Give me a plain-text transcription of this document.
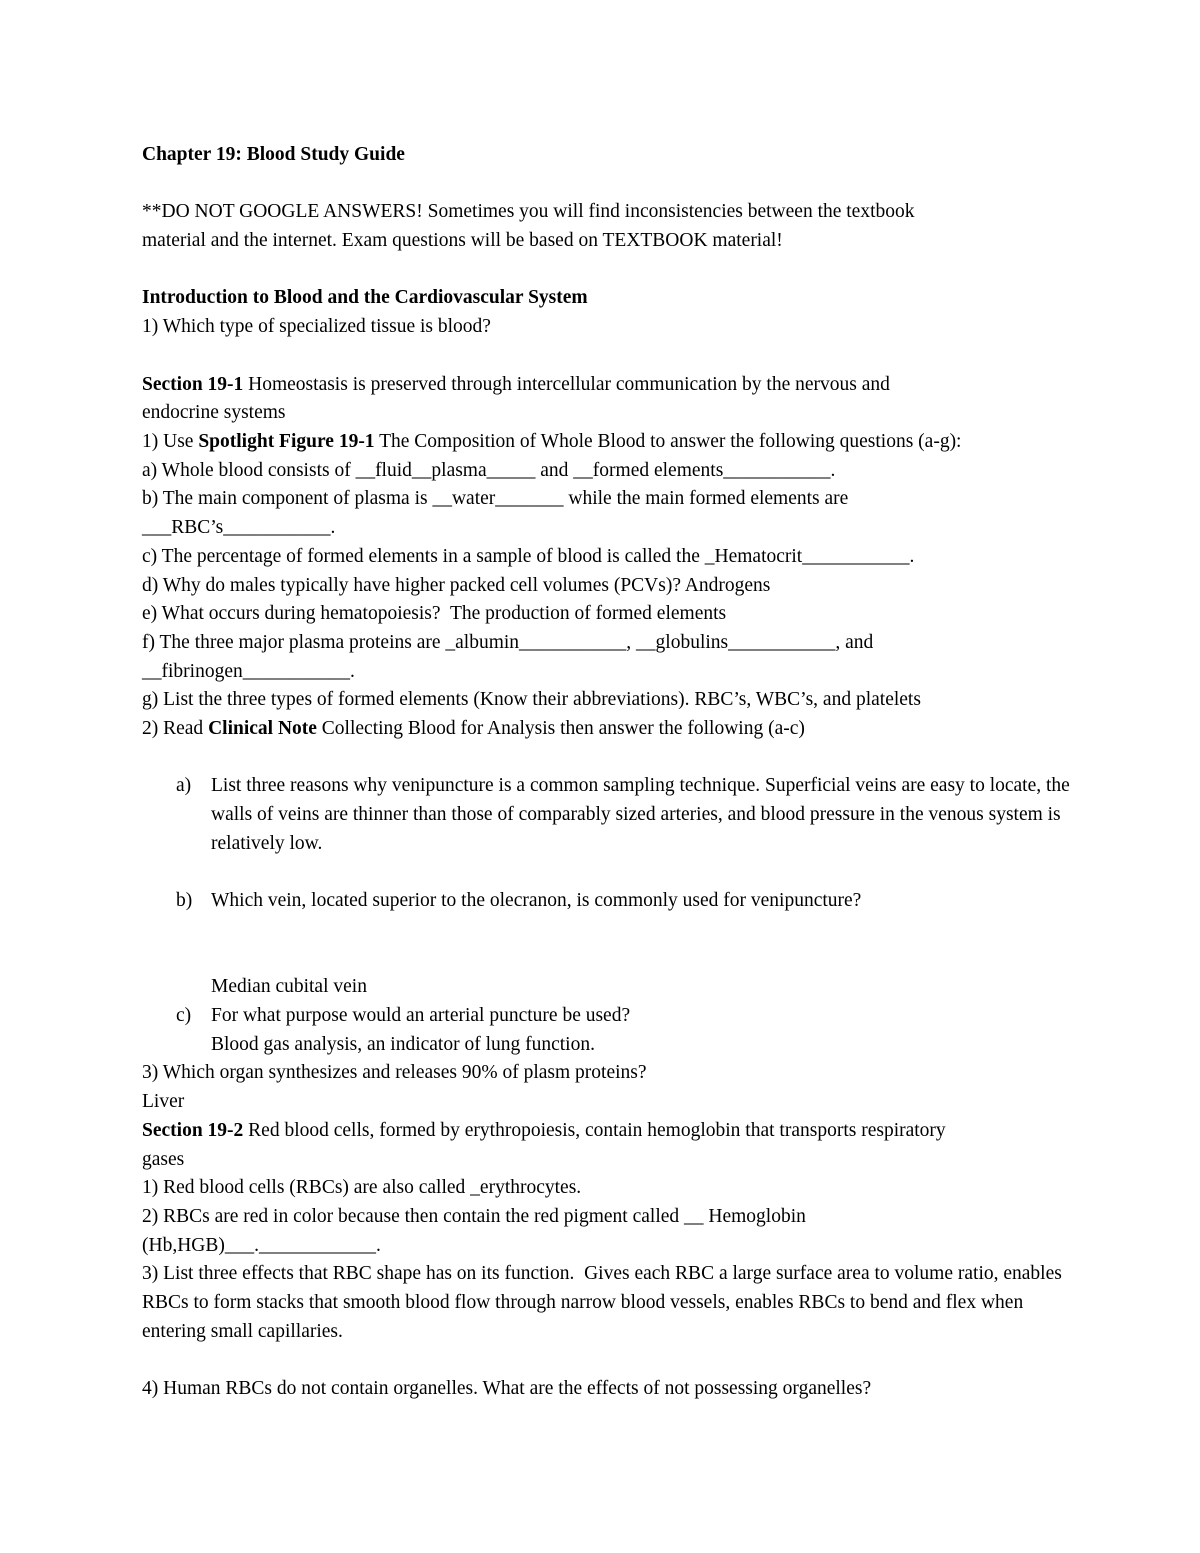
Chapter 19: Blood Study Guide

**DO NOT GOOGLE ANSWERS! Sometimes you will find inconsistencies between the textbook

material and the internet. Exam questions will be based on TEXTBOOK material!

Introduction to Blood and the Cardiovascular System

1) Which type of specialized tissue is blood?

Section 19-1 Homeostasis is preserved through intercellular communication by the nervous and

endocrine systems

1) Use Spotlight Figure 19-1 The Composition of Whole Blood to answer the following questions (a-g):

a) Whole blood consists of __fluid__plasma_____ and __formed elements___________.

b) The main component of plasma is __water_______ while the main formed elements are

___RBC’s___________.

c) The percentage of formed elements in a sample of blood is called the _Hematocrit___________.

d) Why do males typically have higher packed cell volumes (PCVs)? Androgens

e) What occurs during hematopoiesis?  The production of formed elements

f) The three major plasma proteins are _albumin___________, __globulins___________, and

__fibrinogen___________.

g) List the three types of formed elements (Know their abbreviations). RBC’s, WBC’s, and platelets

2) Read Clinical Note Collecting Blood for Analysis then answer the following (a-c)

a)	List three reasons why venipuncture is a common sampling technique. Superficial veins are easy to locate, the walls of veins are thinner than those of comparably sized arteries, and blood pressure in the venous system is relatively low.
b) Which vein, located superior to the olecranon, is commonly used for venipuncture?

Median cubital vein

c)	For what purpose would an arterial puncture be used?

Blood gas analysis, an indicator of lung function.

3) Which organ synthesizes and releases 90% of plasm proteins?

Liver

Section 19-2 Red blood cells, formed by erythropoiesis, contain hemoglobin that transports respiratory

gases

1) Red blood cells (RBCs) are also called _erythrocytes.

2) RBCs are red in color because then contain the red pigment called __ Hemoglobin

(Hb,HGB)___.____________.

3) List three effects that RBC shape has on its function.  Gives each RBC a large surface area to volume ratio, enables RBCs to form stacks that smooth blood flow through narrow blood vessels, enables RBCs to bend and flex when entering small capillaries.

4) Human RBCs do not contain organelles. What are the effects of not possessing organelles?
